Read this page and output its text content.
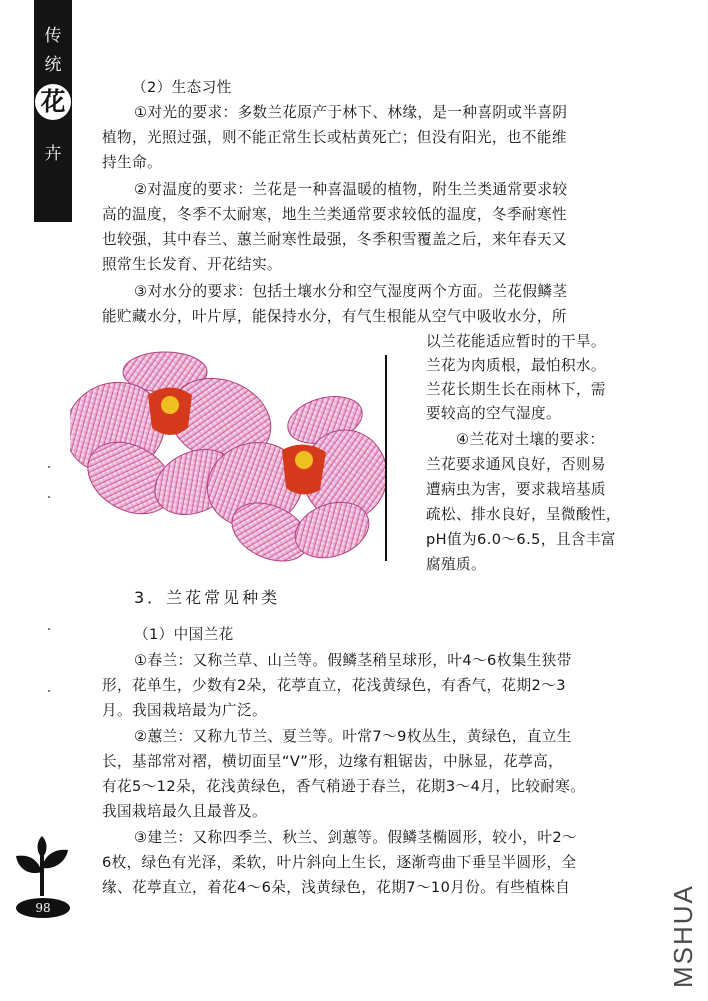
传
统
花
卉
（2）生态习性
①对光的要求：多数兰花原产于林下、林缘，是一种喜阴或半喜阴
植物，光照过强，则不能正常生长或枯黄死亡；但没有阳光，也不能维
持生命。
②对温度的要求：兰花是一种喜温暖的植物，附生兰类通常要求较
高的温度，冬季不太耐寒，地生兰类通常要求较低的温度，冬季耐寒性
也较强，其中春兰、蕙兰耐寒性最强，冬季积雪覆盖之后，来年春天又
照常生长发育、开花结实。
③对水分的要求：包括土壤水分和空气湿度两个方面。兰花假鳞茎
能贮藏水分，叶片厚，能保持水分，有气生根能从空气中吸收水分，所
以兰花能适应暂时的干旱。
兰花为肉质根，最怕积水。
兰花长期生长在雨林下，需
要较高的空气湿度。
④兰花对土壤的要求：
兰花要求通风良好，否则易
遭病虫为害，要求栽培基质
疏松、排水良好，呈微酸性，
pH值为6.0～6.5，且含丰富
腐殖质。
3．兰花常见种类
（1）中国兰花
①春兰：又称兰草、山兰等。假鳞茎稍呈球形，叶4～6枚集生狭带
形，花单生，少数有2朵，花葶直立，花浅黄绿色，有香气，花期2～3
月。我国栽培最为广泛。
②蕙兰：又称九节兰、夏兰等。叶常7～9枚丛生，黄绿色，直立生
长，基部常对褶，横切面呈“V”形，边缘有粗锯齿，中脉显，花葶高，
有花5～12朵，花浅黄绿色，香气稍逊于春兰，花期3～4月，比较耐寒。
我国栽培最久且最普及。
③建兰：又称四季兰、秋兰、剑蕙等。假鳞茎椭圆形，较小，叶2～
6枚，绿色有光泽，柔软，叶片斜向上生长，逐渐弯曲下垂呈半圆形，全
缘、花葶直立，着花4～6朵，浅黄绿色，花期7～10月份。有些植株自
98	MSHUA
